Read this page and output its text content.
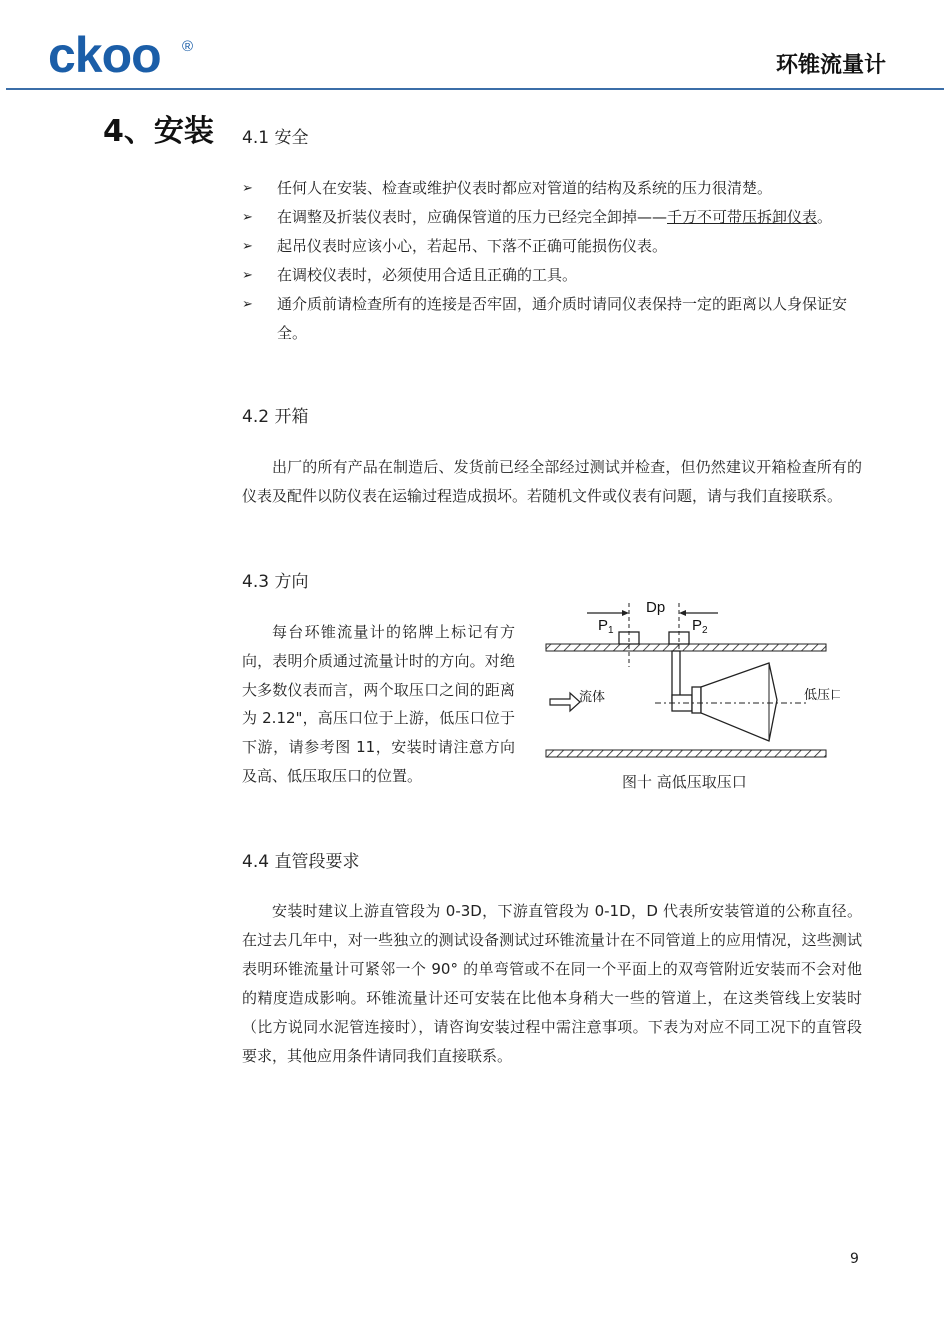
ckoo ®
环锥流量计
4、安装 4.1 安全
➢ 任何人在安装、检查或维护仪表时都应对管道的结构及系统的压力很清楚。
➢ 在调整及折装仪表时，应确保管道的压力已经完全卸掉——千万不可带压拆卸仪表。
➢ 起吊仪表时应该小心，若起吊、下落不正确可能损伤仪表。
➢ 在调校仪表时，必须使用合适且正确的工具。
➢ 通介质前请检查所有的连接是否牢固，通介质时请同仪表保持一定的距离以人身保证安全。
4.2 开箱
出厂的所有产品在制造后、发货前已经全部经过测试并检查，但仍然建议开箱检查所有的仪表及配件以防仪表在运输过程造成损坏。若随机文件或仪表有问题，请与我们直接联系。
4.3 方向
每台环锥流量计的铭牌上标记有方向，表明介质通过流量计时的方向。对绝大多数仪表而言，两个取压口之间的距离为 2.12"，高压口位于上游，低压口位于下游，请参考图 11，安装时请注意方向及高、低压取压口的位置。
Dp
$P_1$	$P_2$
流体	低压口
图十 高低压取压口
4.4 直管段要求
安装时建议上游直管段为 0-3D，下游直管段为 0-1D，D 代表所安装管道的公称直径。在过去几年中，对一些独立的测试设备测试过环锥流量计在不同管道上的应用情况，这些测试表明环锥流量计可紧邻一个 90° 的单弯管或不在同一个平面上的双弯管附近安装而不会对他的精度造成影响。环锥流量计还可安装在比他本身稍大一些的管道上，在这类管线上安装时（比方说同水泥管连接时），请咨询安装过程中需注意事项。下表为对应不同工况下的直管段要求，其他应用条件请同我们直接联系。
9
